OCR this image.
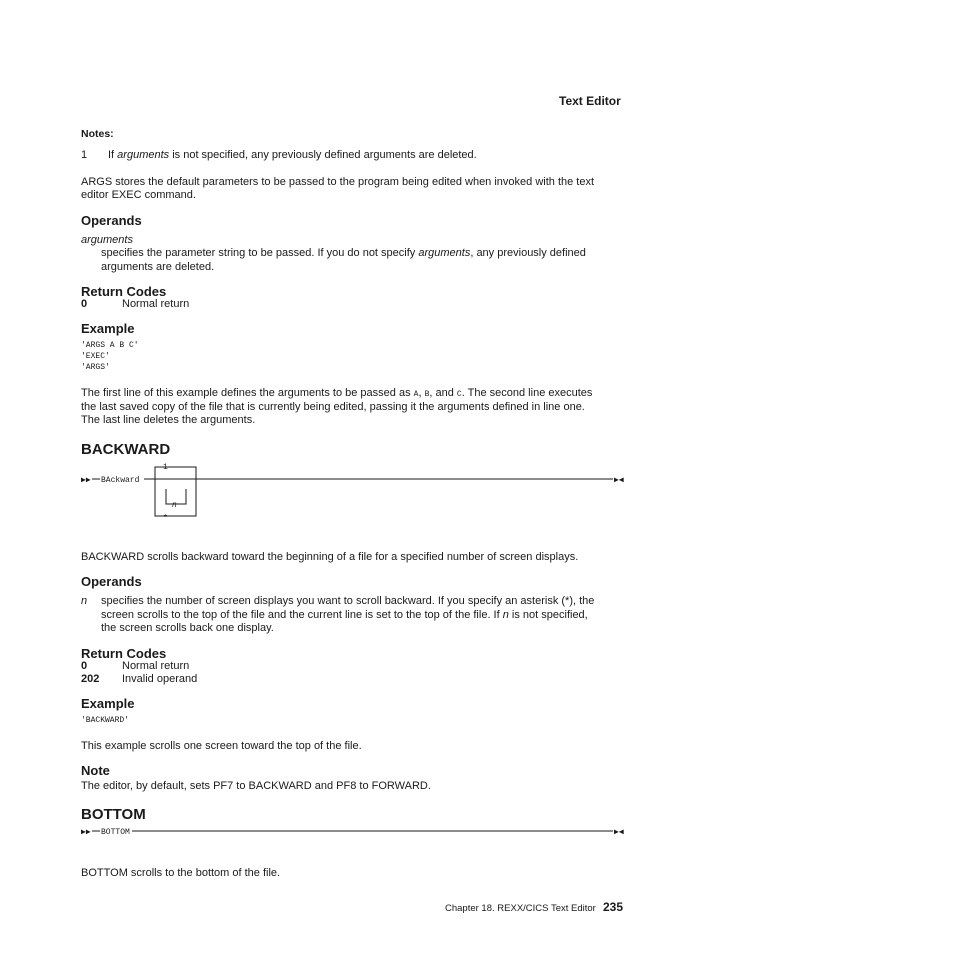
Text Editor
Notes:
1 If arguments is not specified, any previously defined arguments are deleted.
ARGS stores the default parameters to be passed to the program being edited when invoked with the text
editor EXEC command.
Operands
arguments
specifies the parameter string to be passed. If you do not specify arguments, any previously defined
arguments are deleted.
Return Codes
0	Normal return
Example
'ARGS A B C'
'EXEC'
'ARGS'
The first line of this example defines the arguments to be passed as A, B, and C. The second line executes
the last saved copy of the file that is currently being edited, passing it the arguments defined in line one.
The last line deletes the arguments.
BACKWARD
▶▶ BAckward
1
n
*
▶◀
BACKWARD scrolls backward toward the beginning of a file for a specified number of screen displays.
Operands
n specifies the number of screen displays you want to scroll backward. If you specify an asterisk (*), the
screen scrolls to the top of the file and the current line is set to the top of the file. If n is not specified,
the screen scrolls back one display.
Return Codes
0	Normal return
202 Invalid operand
Example
'BACKWARD'
This example scrolls one screen toward the top of the file.
Note
The editor, by default, sets PF7 to BACKWARD and PF8 to FORWARD.
BOTTOM
▶▶ BOTTOM	▶◀
BOTTOM scrolls to the bottom of the file.
Chapter 18. REXX/CICS Text Editor 235
